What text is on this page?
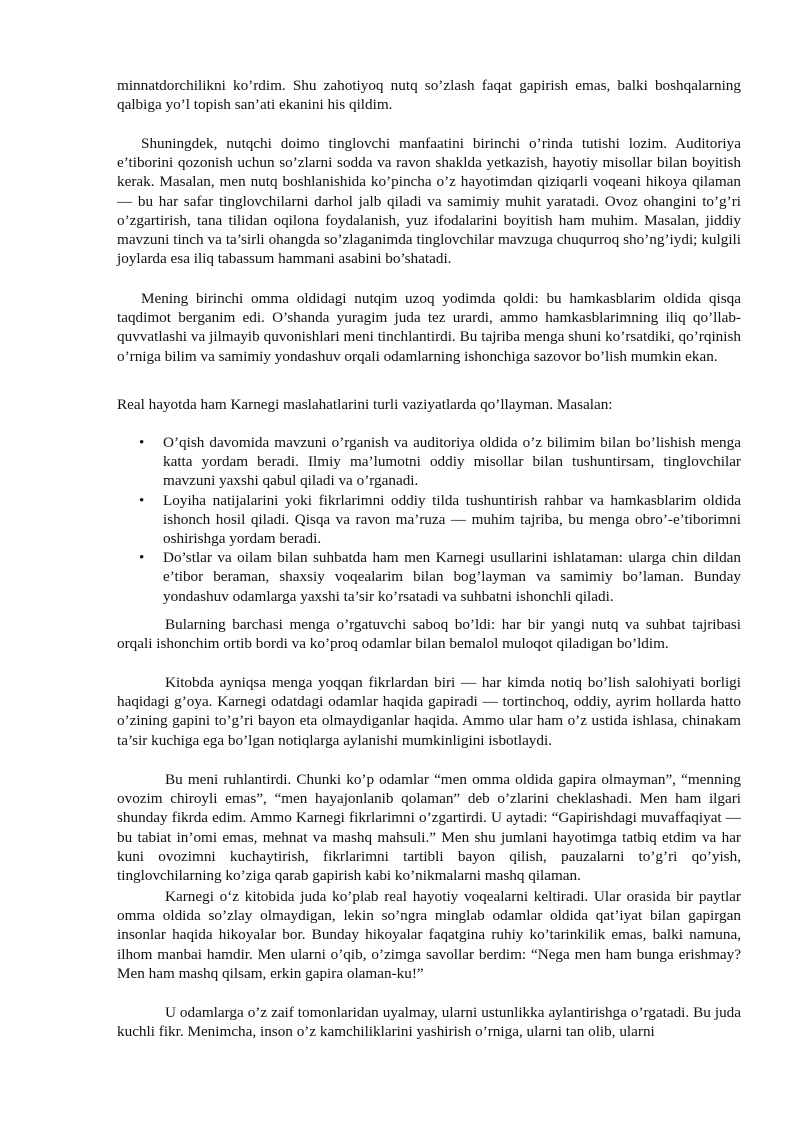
minnatdorchilikni ko’rdim. Shu zahotiyoq nutq so’zlash faqat gapirish emas, balki boshqalarning qalbiga yo’l topish san’ati ekanini his qildim.

Shuningdek, nutqchi doimo tinglovchi manfaatini birinchi o’rinda tutishi lozim. Auditoriya e’tiborini qozonish uchun so’zlarni sodda va ravon shaklda yetkazish, hayotiy misollar bilan boyitish kerak. Masalan, men nutq boshlanishida ko’pincha o’z hayotimdan qiziqarli voqeani hikoya qilaman — bu har safar tinglovchilarni darhol jalb qiladi va samimiy muhit yaratadi. Ovoz ohangini to’g’ri o’zgartirish, tana tilidan oqilona foydalanish, yuz ifodalarini boyitish ham muhim. Masalan, jiddiy mavzuni tinch va ta’sirli ohangda so’zlaganimda tinglovchilar mavzuga chuqurroq sho’ng’iydi; kulgili joylarda esa iliq tabassum hammani asabini bo’shatadi.

Mening birinchi omma oldidagi nutqim uzoq yodimda qoldi: bu hamkasblarim oldida qisqa taqdimot berganim edi. O’shanda yuragim juda tez urardi, ammo hamkasblarimning iliq qo’llab-quvvatlashi va jilmayib quvonishlari meni tinchlantirdi. Bu tajriba menga shuni ko’rsatdiki, qo’rqinish o’rniga bilim va samimiy yondashuv orqali odamlarning ishonchiga sazovor bo’lish mumkin ekan.

Real hayotda ham Karnegi maslahatlarini turli vaziyatlarda qo’llayman. Masalan:

• O’qish davomida mavzuni o’rganish va auditoriya oldida o’z bilimim bilan bo’lishish menga katta yordam beradi. Ilmiy ma’lumotni oddiy misollar bilan tushuntirsam, tinglovchilar mavzuni yaxshi qabul qiladi va o’rganadi.
• Loyiha natijalarini yoki fikrlarimni oddiy tilda tushuntirish rahbar va hamkasblarim oldida ishonch hosil qiladi. Qisqa va ravon ma’ruza — muhim tajriba, bu menga obro’-e’tiborimni oshirishga yordam beradi.
• Do’stlar va oilam bilan suhbatda ham men Karnegi usullarini ishlataman: ularga chin dildan e’tibor beraman, shaxsiy voqealarim bilan bog’layman va samimiy bo’laman. Bunday yondashuv odamlarga yaxshi ta’sir ko’rsatadi va suhbatni ishonchli qiladi.

Bularning barchasi menga o’rgatuvchi saboq bo’ldi: har bir yangi nutq va suhbat tajribasi orqali ishonchim ortib bordi va ko’proq odamlar bilan bemalol muloqot qiladigan bo’ldim.

Kitobda ayniqsa menga yoqqan fikrlardan biri — har kimda notiq bo’lish salohiyati borligi haqidagi g’oya. Karnegi odatdagi odamlar haqida gapiradi — tortinchoq, oddiy, ayrim hollarda hatto o’zining gapini to’g’ri bayon eta olmaydiganlar haqida. Ammo ular ham o’z ustida ishlasa, chinakam ta’sir kuchiga ega bo’lgan notiqlarga aylanishi mumkinligini isbotlaydi.

Bu meni ruhlantirdi. Chunki ko’p odamlar “men omma oldida gapira olmayman”, “menning ovozim chiroyli emas”, “men hayajonlanib qolaman” deb o’zlarini cheklashadi. Men ham ilgari shunday fikrda edim. Ammo Karnegi fikrlarimni o’zgartirdi. U aytadi: “Gapirishdagi muvaffaqiyat — bu tabiat in’omi emas, mehnat va mashq mahsuli.” Men shu jumlani hayotimga tatbiq etdim va har kuni ovozimni kuchaytirish, fikrlarimni tartibli bayon qilish, pauzalarni to’g’ri qo’yish, tinglovchilarning ko’ziga qarab gapirish kabi ko’nikmalarni mashq qilaman.

Karnegi o‘z kitobida juda ko’plab real hayotiy voqealarni keltiradi. Ular orasida bir paytlar omma oldida so’zlay olmaydigan, lekin so’ngra minglab odamlar oldida qat’iyat bilan gapirgan insonlar haqida hikoyalar bor. Bunday hikoyalar faqatgina ruhiy ko’tarinkilik emas, balki namuna, ilhom manbai hamdir. Men ularni o’qib, o’zimga savollar berdim: “Nega men ham bunga erishmay? Men ham mashq qilsam, erkin gapira olaman-ku!”

U odamlarga o’z zaif tomonlaridan uyalmay, ularni ustunlikka aylantirishga o’rgatadi. Bu juda kuchli fikr. Menimcha, inson o’z kamchiliklarini yashirish o’rniga, ularni tan olib, ularni
